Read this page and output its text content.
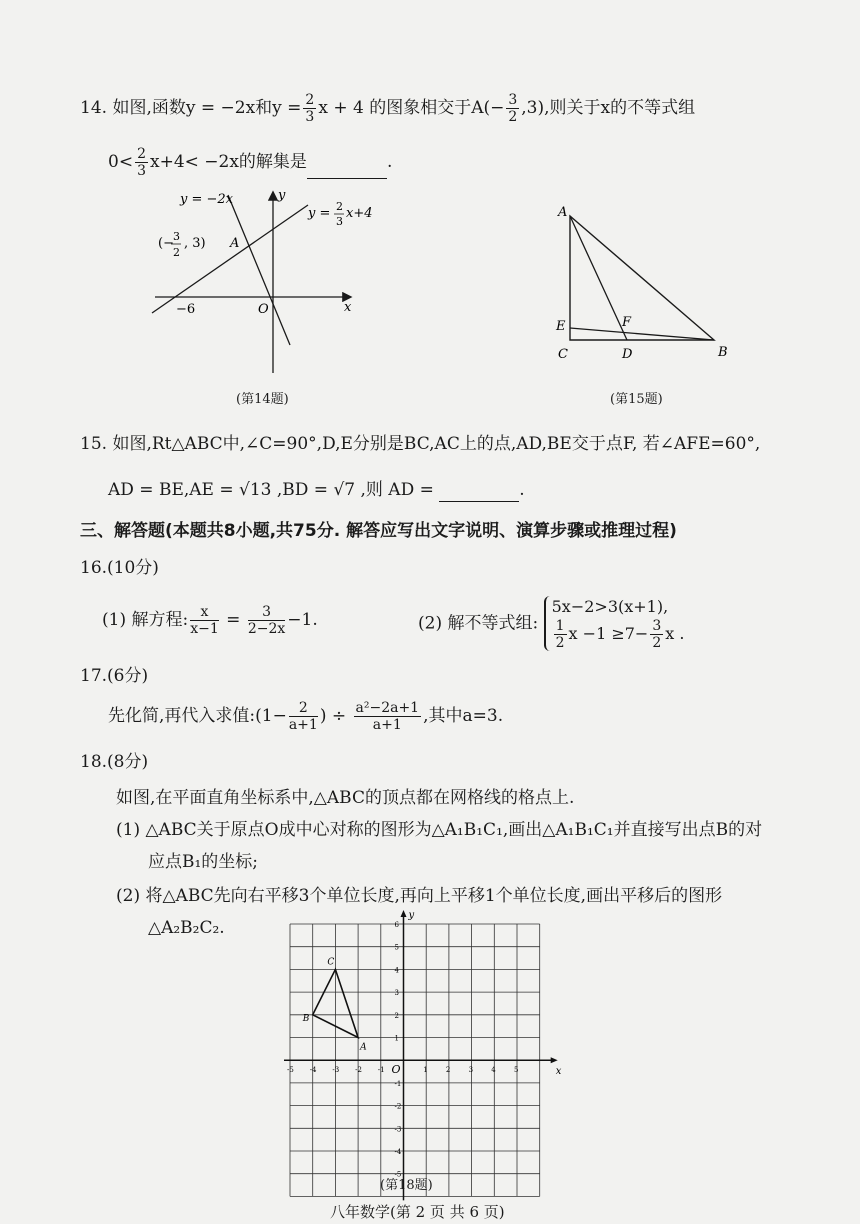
14. 如图,函数y = −2x和$y = \frac{2}{3}$ x + 4 的图象相交于$A(- \frac{3}{2} ,3)$,则关于x的不等式组
$0< \frac{2}{3} x+4< -2x$的解集是	.
y = −2x
y = 2
3
x+4
(− 3
2
, 3) A
−6	O	x
y
(第14题)
A
B
C	D
E	F
(第15题)
15. 如图,Rt△ABC中,∠C=90°,D,E分别是BC,AC上的点,AD,BE交于点F, 若∠AFE=60°,
AD = BE,AE = √13 ,BD = √7 ,则 AD =	.
三、解答题(本题共8小题,共75分. 解答应写出文字说明、演算步骤或推理过程)
16.(10分)
(1) 解方程: $\frac{x}{x-1} = \frac{3}{2-2x} -1$.	(2) 解不等式组:
5x−2>3(x+1),
$\frac{1}{2}$ $x -1 \ge 7- \frac{3}{2}$ x .
17.(6分)
先化简,再代入求值:(1− $\frac{2}{a+1}$ ) ÷ $\frac{\text{a²−2a+1}}{a+1}$ ,其中a=3.
18.(8分)
如图,在平面直角坐标系中,△ABC的顶点都在网格线的格点上.
(1) △ABC关于原点O成中心对称的图形为△A₁B₁C₁,画出△A₁B₁C₁并直接写出点B的对
应点B₁的坐标;
(2) 将△ABC先向右平移3个单位长度,再向上平移1个单位长度,画出平移后的图形
△A₂B₂C₂.
x
y
O
-5 -4 -3 -2 -1	1	2	3	4	5
-5
-4
-3
-2
-1
1
2
3
4
5
6
A
B
C
(第18题)
八年数学(第 2 页 共 6 页)
